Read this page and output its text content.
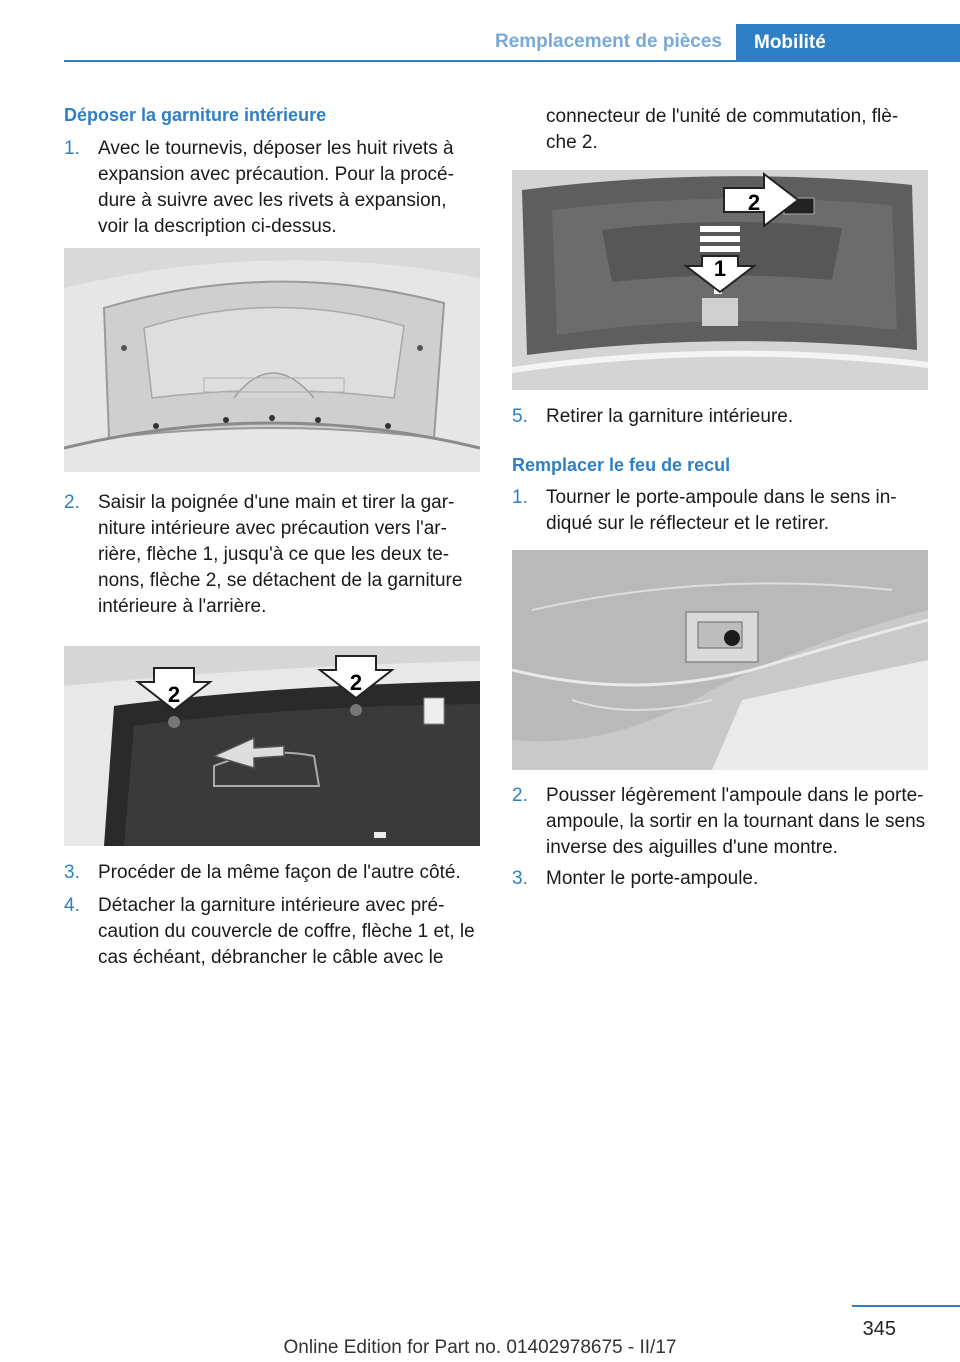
Remplacement de pièces	Mobilité
Déposer la garniture intérieure
1. Avec le tournevis, déposer les huit rivets à expansion avec précaution. Pour la procé-dure à suivre avec les rivets à expansion, voir la description ci-dessus.
2. Saisir la poignée d'une main et tirer la gar-niture intérieure avec précaution vers l'ar-rière, flèche 1, jusqu'à ce que les deux te-nons, flèche 2, se détachent de la garniture intérieure à l'arrière.
2	2
3. Procéder de la même façon de l'autre côté.
4. Détacher la garniture intérieure avec pré-caution du couvercle de coffre, flèche 1 et, le cas échéant, débrancher le câble avec le
connecteur de l'unité de commutation, flè-che 2.
2
1
5. Retirer la garniture intérieure.
Remplacer le feu de recul
1. Tourner le porte-ampoule dans le sens in-diqué sur le réflecteur et le retirer.
2. Pousser légèrement l'ampoule dans le porte-ampoule, la sortir en la tournant dans le sens inverse des aiguilles d'une montre.
3. Monter le porte-ampoule.
345
Online Edition for Part no. 01402978675 - II/17
